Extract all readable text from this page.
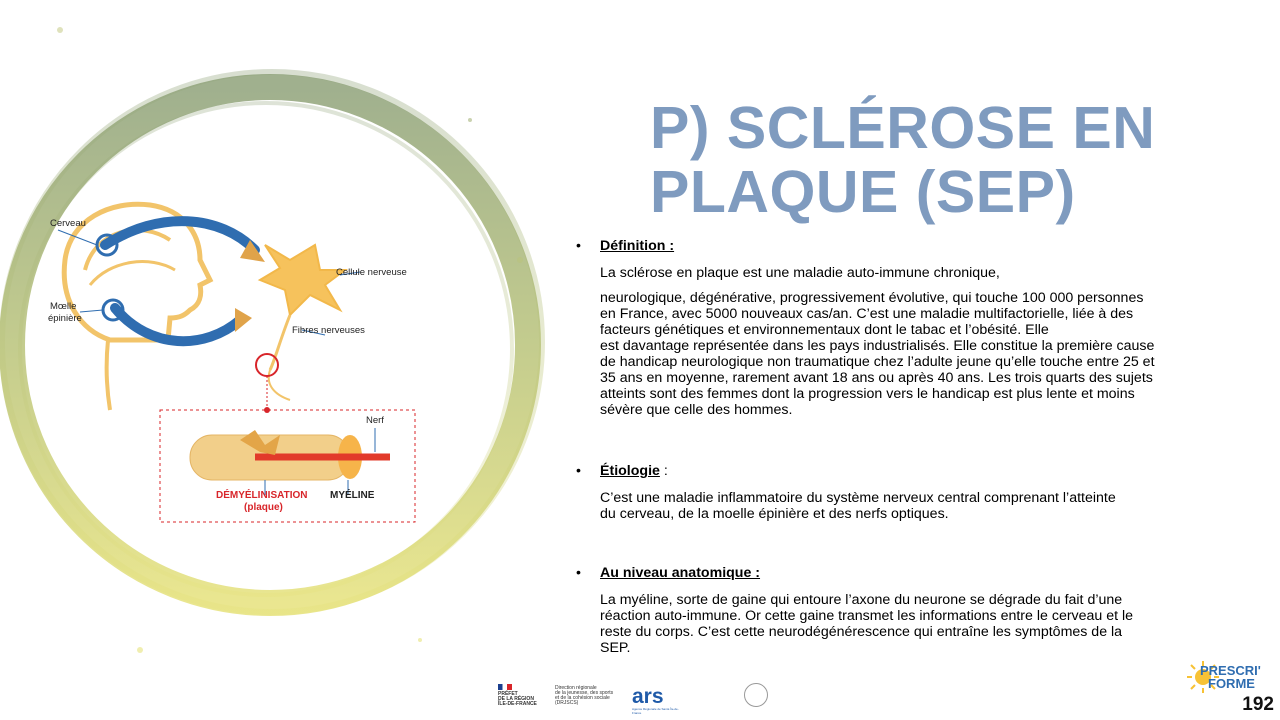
Cerveau
Mœlle
épinière
Cellule nerveuse
Fibres nerveuses
Nerf
DÉMYÉLINISATION
(plaque)
MYÉLINE
P) SCLÉROSE EN PLAQUE (SEP)
• Définition :
La sclérose en plaque est une maladie auto-immune chronique,
neurologique, dégénérative, progressivement évolutive, qui touche 100 000 personnes
en France, avec 5000 nouveaux cas/an. C’est une maladie multifactorielle, liée à des
facteurs génétiques et environnementaux dont le tabac et l’obésité. Elle
est davantage représentée dans les pays industrialisés. Elle constitue la première cause
de handicap neurologique non traumatique chez l’adulte jeune qu’elle touche entre 25 et
35 ans en moyenne, rarement avant 18 ans ou après 40 ans. Les trois quarts des sujets
atteints sont des femmes dont la progression vers le handicap est plus lente et moins
sévère que celle des hommes.
• Étiologie :
C’est une maladie inflammatoire du système nerveux central comprenant l’atteinte
du cerveau, de la moelle épinière et des nerfs optiques.
• Au niveau anatomique :
La myéline, sorte de gaine qui entoure l’axone du neurone se dégrade du fait d’une
réaction auto-immune. Or cette gaine transmet les informations entre le cerveau et le
reste du corps. C’est cette neurodégénérescence qui entraîne les symptômes de la
SEP.
PRÉFET
DE LA RÉGION
ÎLE-DE-FRANCE
Direction régionale
de la jeunesse, des sports
et de la cohésion sociale (DRJSCS)	ars
Agence Régionale de Santé Île-de-France
PRESCRI'
FORME
192
